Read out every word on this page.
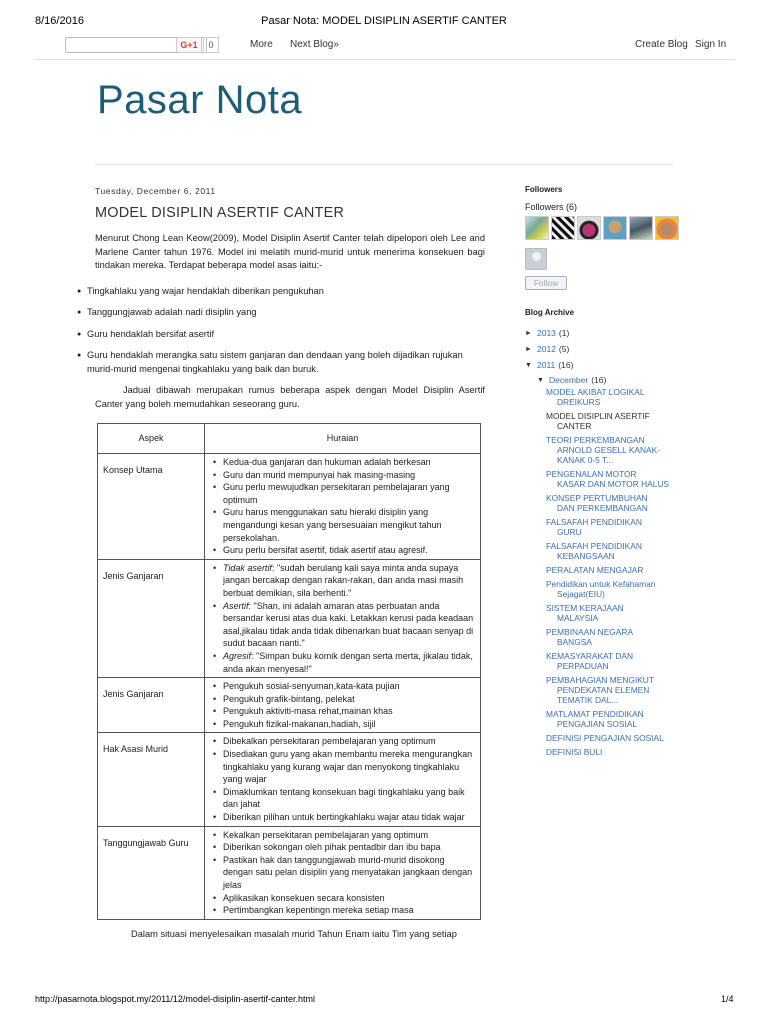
8/16/2016	Pasar Nota: MODEL DISIPLIN ASERTIF CANTER
G+1	0	More Next Blog»	Create Blog Sign In
Pasar Nota
Tuesday, December 6, 2011
MODEL DISIPLIN ASERTIF CANTER
Menurut Chong Lean Keow(2009), Model Disiplin Asertif Canter telah dipelopori oleh Lee and Marlene Canter tahun 1976. Model ini melatih murid-murid untuk menerima konsekuen bagi tindakan mereka. Terdapat beberapa model asas iaitu:-
● Tingkahlaku yang wajar hendaklah diberikan pengukuhan
● Tanggungjawab adalah nadi disiplin yang
● Guru hendaklah bersifat asertif
● Guru hendaklah merangka satu sistem ganjaran dan dendaan yang boleh dijadikan rujukan murid-murid mengenai tingkahlaku yang baik dan buruk.
Jadual dibawah merupakan rumus beberapa aspek dengan Model Disiplin Asertif Canter yang boleh memudahkan seseorang guru.
Aspek	Huraian
Konsep Utama	• Kedua-dua ganjaran dan hukuman adalah berkesan
• Guru dan murid mempunyai hak masing-masing
• Guru perlu mewujudkan persekitaran pembelajaran yang optimum
• Guru harus menggunakan satu hieraki disiplin yang mengandungi kesan yang bersesuaian mengikut tahun persekolahan.
• Guru perlu bersifat asertif, tidak asertif atau agresif.

Jenis Ganjaran	• Tidak asertif: "sudah berulang kali saya minta anda supaya jangan bercakap dengan rakan-rakan, dan anda masi masih berbuat demikian, sila berhenti."
• Asertif: "Shan, ini adalah amaran atas perbuatan anda bersandar kerusi atas dua kaki. Letakkan kerusi pada keadaan asal,jikalau tidak anda tidak dibenarkan buat bacaan senyap di sudut bacaan nanti."
• Agresif: "Simpan buku komik dengan serta merta, jikalau tidak, anda akan menyesal!"

Jenis Ganjaran	• Pengukuh sosial-senyuman,kata-kata pujian
• Pengukuh grafik-bintang, pelekat
• Pengukuh aktiviti-masa rehat,mainan khas
• Pengukuh fizikal-makanan,hadiah, sijil

Hak Asasi Murid	• Dibekalkan persekitaran pembelajaran yang optimum
• Disediakan guru yang akan membantu mereka mengurangkan tingkahlaku yang kurang wajar dan menyokong tingkahlaku yang wajar
• Dimaklumkan tentang konsekuan bagi tingkahlaku yang baik dan jahat
• Diberikan pilihan untuk bertingkahlaku wajar atau tidak wajar

Tanggungjawab Guru	• Kekalkan persekitaran pembelajaran yang optimum
• Diberikan sokongan oleh pihak pentadbir dan ibu bapa
• Pastikan hak dan tanggungjawab murid-murid disokong dengan satu pelan disiplin yang menyatakan jangkaan dengan jelas
• Aplikasikan konsekuen secara konsisten
• Pertimbangkan kepentingn mereka setiap masa
Dalam situasi menyelesaikan masalah murid Tahun Enam iaitu Tim yang setiap
Followers
Followers (6)
Follow
Blog Archive
► 2013 (1)
► 2012 (5)
▼ 2011 (16)
▼ December (16)
MODEL AKIBAT LOGIKAL
DREIKURS
MODEL DISIPLIN ASERTIF
CANTER
TEORI PERKEMBANGAN
ARNOLD GESELL KANAK-KANAK 0-5 T...
PENGENALAN MOTOR
KASAR DAN MOTOR HALUS
KONSEP PERTUMBUHAN
DAN PERKEMBANGAN
FALSAFAH PENDIDIKAN
GURU
FALSAFAH PENDIDIKAN
KEBANGSAAN
PERALATAN MENGAJAR
Pendidikan untuk Kefahaman
Sejagat(EIU)
SISTEM KERAJAAN
MALAYSIA
PEMBINAAN NEGARA
BANGSA
KEMASYARAKAT DAN
PERPADUAN
PEMBAHAGIAN MENGIKUT
PENDEKATAN ELEMEN TEMATIK DAL...
MATLAMAT PENDIDIKAN
PENGAJIAN SOSIAL
DEFINISI PENGAJIAN SOSIAL
DEFINISI BULI
http://pasarnota.blogspot.my/2011/12/model-disiplin-asertif-canter.html	1/4
